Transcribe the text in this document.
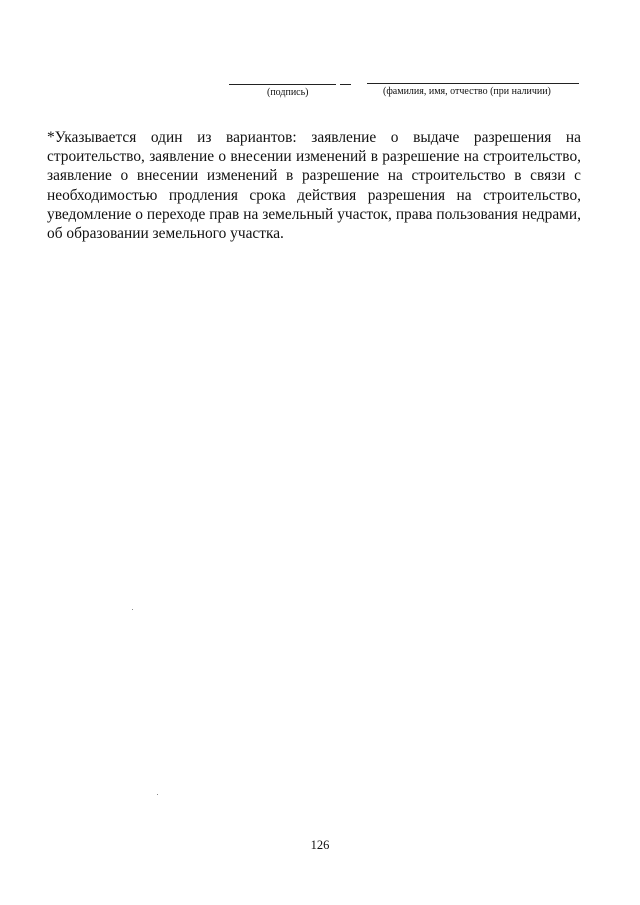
(подпись)	(фамилия, имя, отчество (при наличии)
*Указывается один из вариантов: заявление о выдаче разрешения на
строительство, заявление о внесении изменений в разрешение на строительство,
заявление о внесении изменений в разрешение на строительство в связи с
необходимостью продления срока действия разрешения на строительство,
уведомление о переходе прав на земельный участок, права пользования недрами,
об образовании земельного участка.
126
